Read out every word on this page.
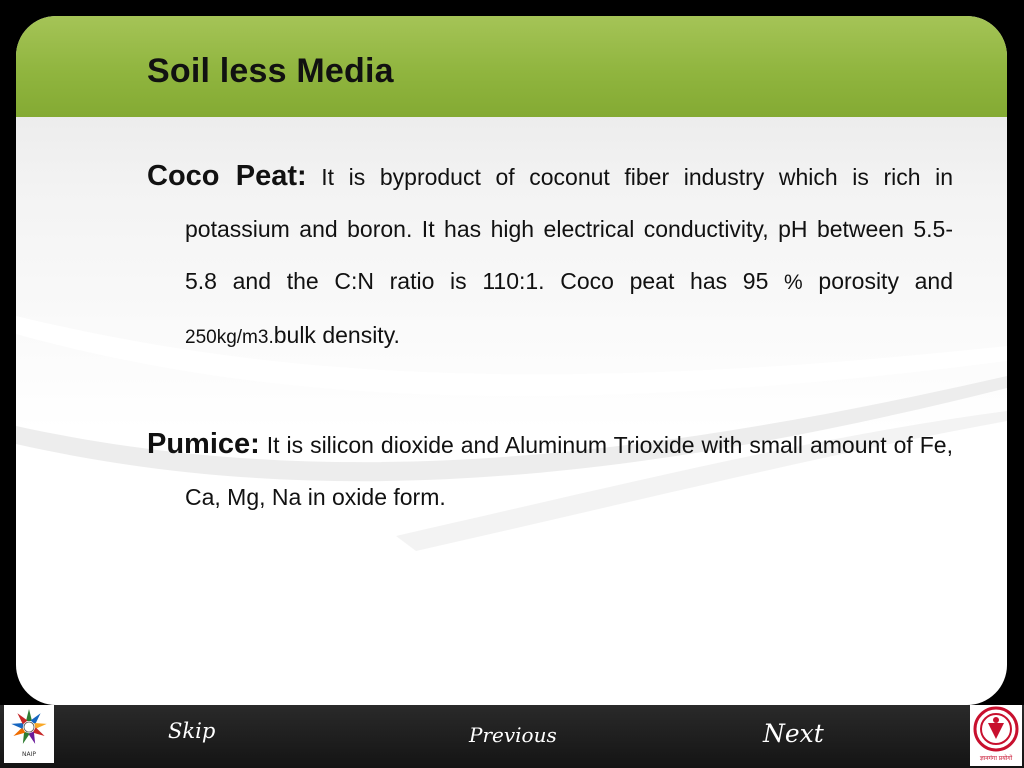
Soil less Media

Coco Peat: It is byproduct of coconut fiber industry which is rich in potassium and boron. It has high electrical conductivity, pH between 5.5- 5.8 and the C:N ratio is 110:1. Coco peat has 95 % porosity and 250kg/m3.bulk density.

Pumice: It is silicon dioxide and Aluminum Trioxide with small amount of Fe, Ca, Mg, Na in oxide form.

Skip	Previous	Next
NAIP
ज्ञानगंगा प्रयोगाें
